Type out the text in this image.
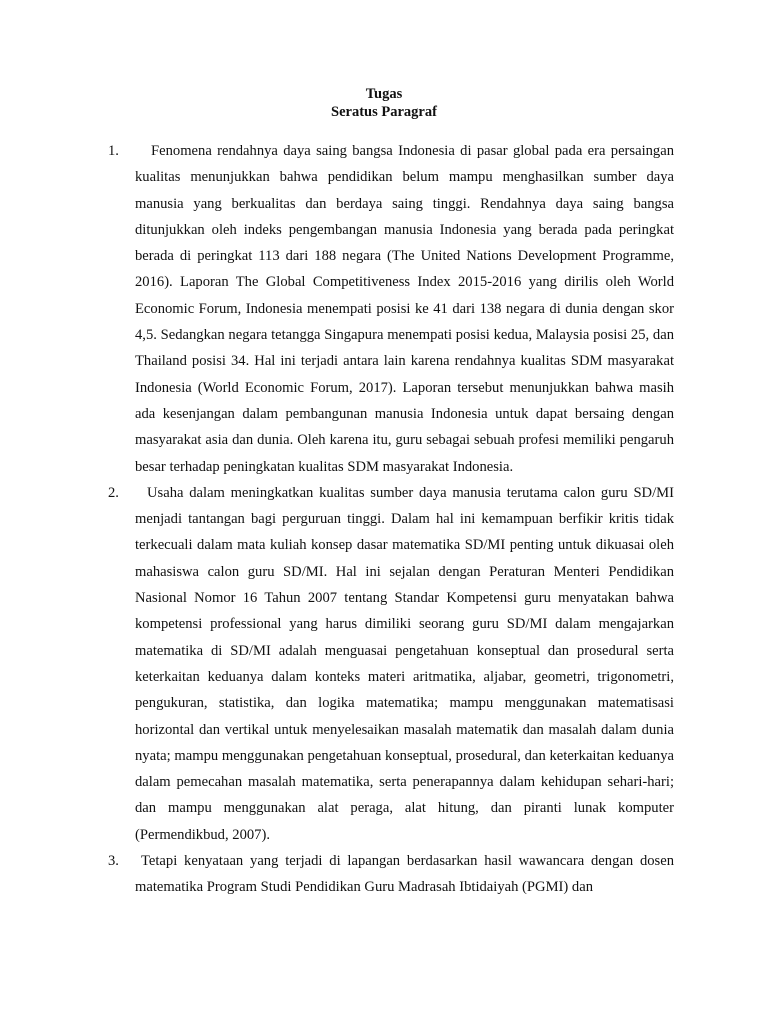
Tugas
Seratus Paragraf
1.	Fenomena rendahnya daya saing bangsa Indonesia di pasar global pada era persaingan kualitas menunjukkan bahwa pendidikan belum mampu menghasilkan sumber daya manusia yang berkualitas dan berdaya saing tinggi. Rendahnya daya saing bangsa ditunjukkan oleh indeks pengembangan manusia Indonesia yang berada pada peringkat berada di peringkat 113 dari 188 negara (The United Nations Development Programme, 2016). Laporan The Global Competitiveness Index 2015-2016 yang dirilis oleh World Economic Forum, Indonesia menempati posisi ke 41 dari 138 negara di dunia dengan skor 4,5. Sedangkan negara tetangga Singapura menempati posisi kedua, Malaysia posisi 25, dan Thailand posisi 34. Hal ini terjadi antara lain karena rendahnya kualitas SDM masyarakat Indonesia (World Economic Forum, 2017). Laporan tersebut menunjukkan bahwa masih ada kesenjangan dalam pembangunan manusia Indonesia untuk dapat bersaing dengan masyarakat asia dan dunia. Oleh karena itu, guru sebagai sebuah profesi memiliki pengaruh besar terhadap peningkatan kualitas SDM masyarakat Indonesia.
2.	Usaha dalam meningkatkan kualitas sumber daya manusia terutama calon guru SD/MI menjadi tantangan bagi perguruan tinggi. Dalam hal ini kemampuan berfikir kritis tidak terkecuali dalam mata kuliah konsep dasar matematika SD/MI penting untuk dikuasai oleh mahasiswa calon guru SD/MI. Hal ini sejalan dengan Peraturan Menteri Pendidikan Nasional Nomor 16 Tahun 2007 tentang Standar Kompetensi guru menyatakan bahwa kompetensi professional yang harus dimiliki seorang guru SD/MI dalam mengajarkan matematika di SD/MI adalah menguasai pengetahuan konseptual dan prosedural serta keterkaitan keduanya dalam konteks materi aritmatika, aljabar, geometri, trigonometri, pengukuran, statistika, dan logika matematika; mampu menggunakan matematisasi horizontal dan vertikal untuk menyelesaikan masalah matematik dan masalah dalam dunia nyata; mampu menggunakan pengetahuan konseptual, prosedural, dan keterkaitan keduanya dalam pemecahan masalah matematika, serta penerapannya dalam kehidupan sehari-hari; dan mampu menggunakan alat peraga, alat hitung, dan piranti lunak komputer (Permendikbud, 2007).
3.	Tetapi kenyataan yang terjadi di lapangan berdasarkan hasil wawancara dengan dosen matematika Program Studi Pendidikan Guru Madrasah Ibtidaiyah (PGMI) dan
